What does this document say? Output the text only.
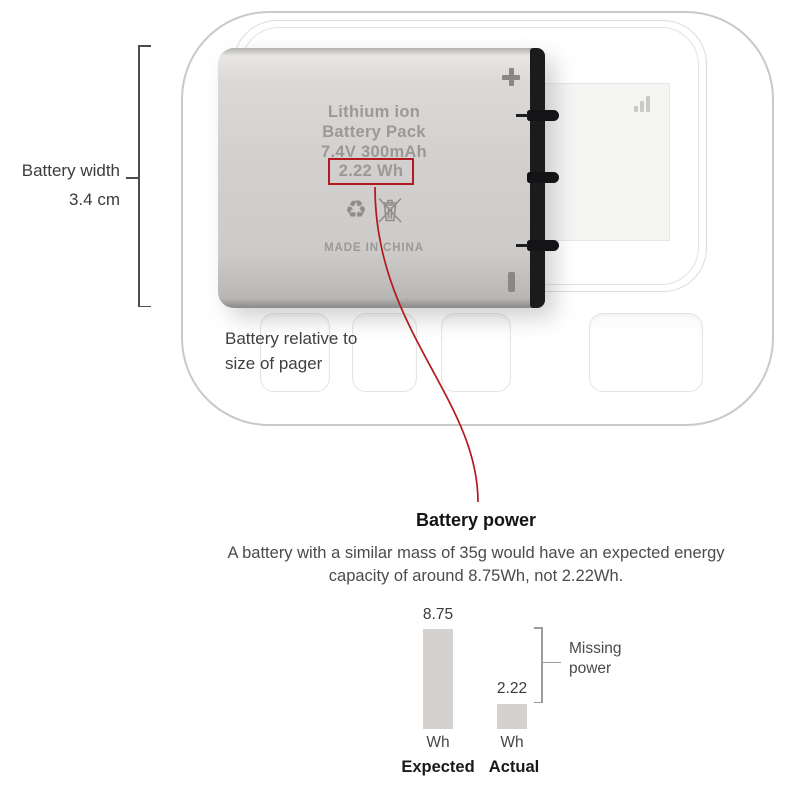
Lithium ion
Battery Pack
7.4V 300mAh
2.22 Wh
♻
MADE IN CHINA
Battery width
3.4 cm
Battery relative to
size of pager
Battery power
A battery with a similar mass of 35g would have an expected energy
capacity of around 8.75Wh, not 2.22Wh.
8.75
2.22
Wh	Wh
Expected Actual
Missing
power
